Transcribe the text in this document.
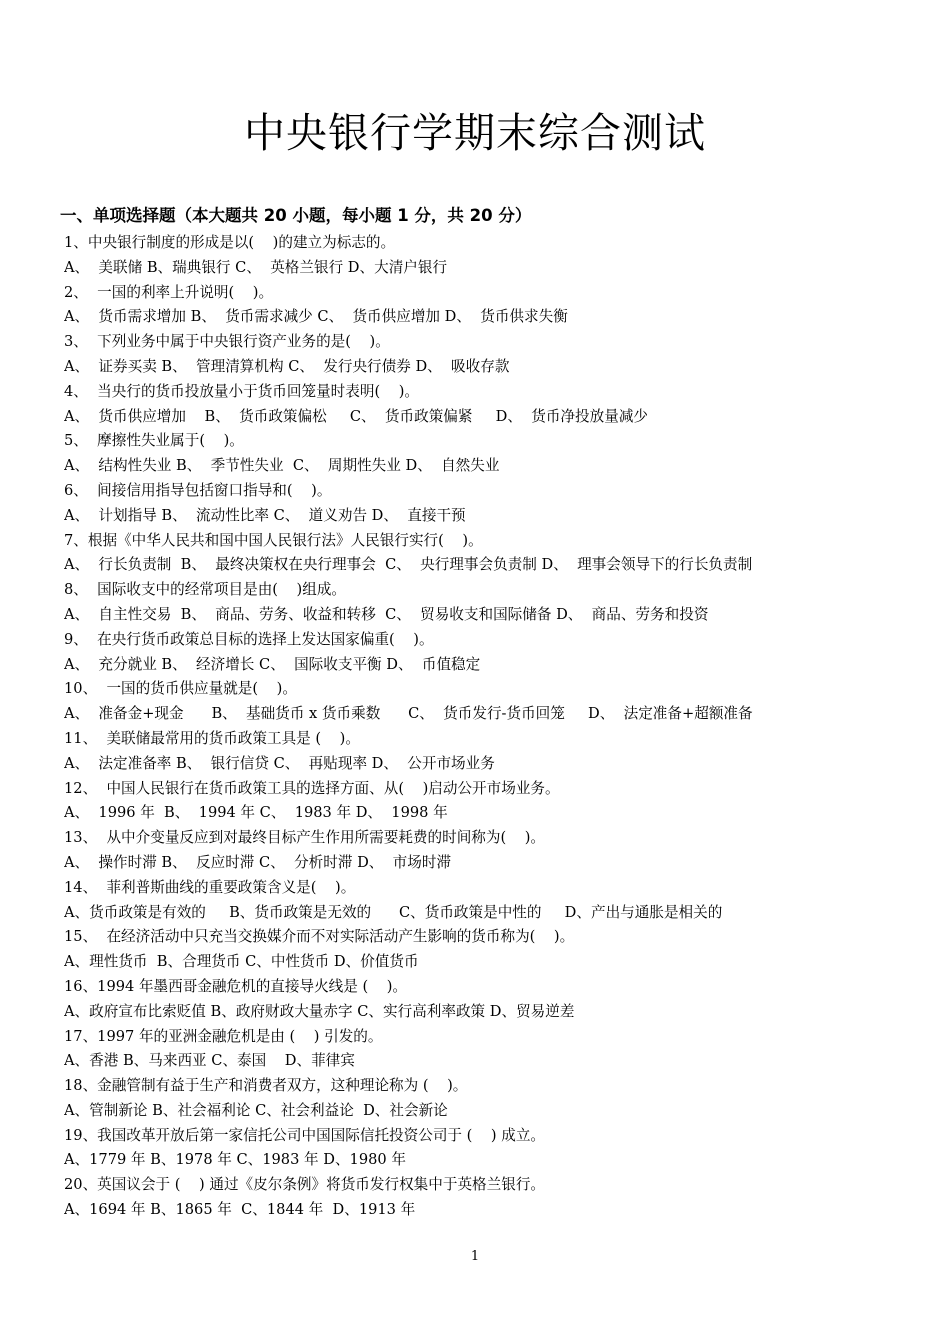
中央银行学期末综合测试
一、单项选择题（本大题共 20 小题，每小题 1 分，共 20 分）
1、中央银行制度的形成是以(    )的建立为标志的。
A、  美联储 B、瑞典银行 C、  英格兰银行 D、大清户银行
2、  一国的利率上升说明(    )。
A、  货币需求增加 B、  货币需求减少 C、  货币供应增加 D、  货币供求失衡
3、  下列业务中属于中央银行资产业务的是(    )。
A、  证券买卖 B、  管理清算机构 C、  发行央行债券 D、  吸收存款
4、  当央行的货币投放量小于货币回笼量时表明(    )。
A、  货币供应增加    B、  货币政策偏松     C、  货币政策偏紧     D、  货币净投放量减少
5、  摩擦性失业属于(    )。
A、  结构性失业 B、  季节性失业  C、  周期性失业 D、  自然失业
6、  间接信用指导包括窗口指导和(    )。
A、  计划指导 B、  流动性比率 C、  道义劝告 D、  直接干预
7、根据《中华人民共和国中国人民银行法》人民银行实行(    )。
A、  行长负责制  B、  最终决策权在央行理事会  C、  央行理事会负责制 D、  理事会领导下的行长负责制
8、  国际收支中的经常项目是由(    )组成。
A、  自主性交易  B、  商品、劳务、收益和转移  C、  贸易收支和国际储备 D、  商品、劳务和投资
9、  在央行货币政策总目标的选择上发达国家偏重(    )。
A、  充分就业 B、  经济增长 C、  国际收支平衡 D、  币值稳定
10、  一国的货币供应量就是(    )。
A、  准备金+现金      B、  基础货币 x 货币乘数      C、  货币发行-货币回笼     D、  法定准备+超额准备
11、  美联储最常用的货币政策工具是 (    )。
A、  法定准备率 B、  银行信贷 C、  再贴现率 D、  公开市场业务
12、  中国人民银行在货币政策工具的选择方面、从(    )启动公开市场业务。
A、  1996 年  B、  1994 年 C、  1983 年 D、  1998 年
13、  从中介变量反应到对最终目标产生作用所需要耗费的时间称为(    )。
A、  操作时滞 B、  反应时滞 C、  分析时滞 D、  市场时滞
14、  菲利普斯曲线的重要政策含义是(    )。
A、货币政策是有效的     B、货币政策是无效的      C、货币政策是中性的     D、产出与通胀是相关的
15、  在经济活动中只充当交换媒介而不对实际活动产生影响的货币称为(    )。
A、理性货币  B、合理货币 C、中性货币 D、价值货币
16、1994 年墨西哥金融危机的直接导火线是 (    )。
A、政府宣布比索贬值 B、政府财政大量赤字 C、实行高利率政策 D、贸易逆差
17、1997 年的亚洲金融危机是由 (    ) 引发的。
A、香港 B、马来西亚 C、泰国    D、菲律宾
18、金融管制有益于生产和消费者双方，这种理论称为 (    )。
A、管制新论 B、社会福利论 C、社会利益论  D、社会新论
19、我国改革开放后第一家信托公司中国国际信托投资公司于 (    ) 成立。
A、1779 年 B、1978 年 C、1983 年 D、1980 年
20、英国议会于 (    ) 通过《皮尔条例》将货币发行权集中于英格兰银行。
A、1694 年 B、1865 年  C、1844 年  D、1913 年
1
